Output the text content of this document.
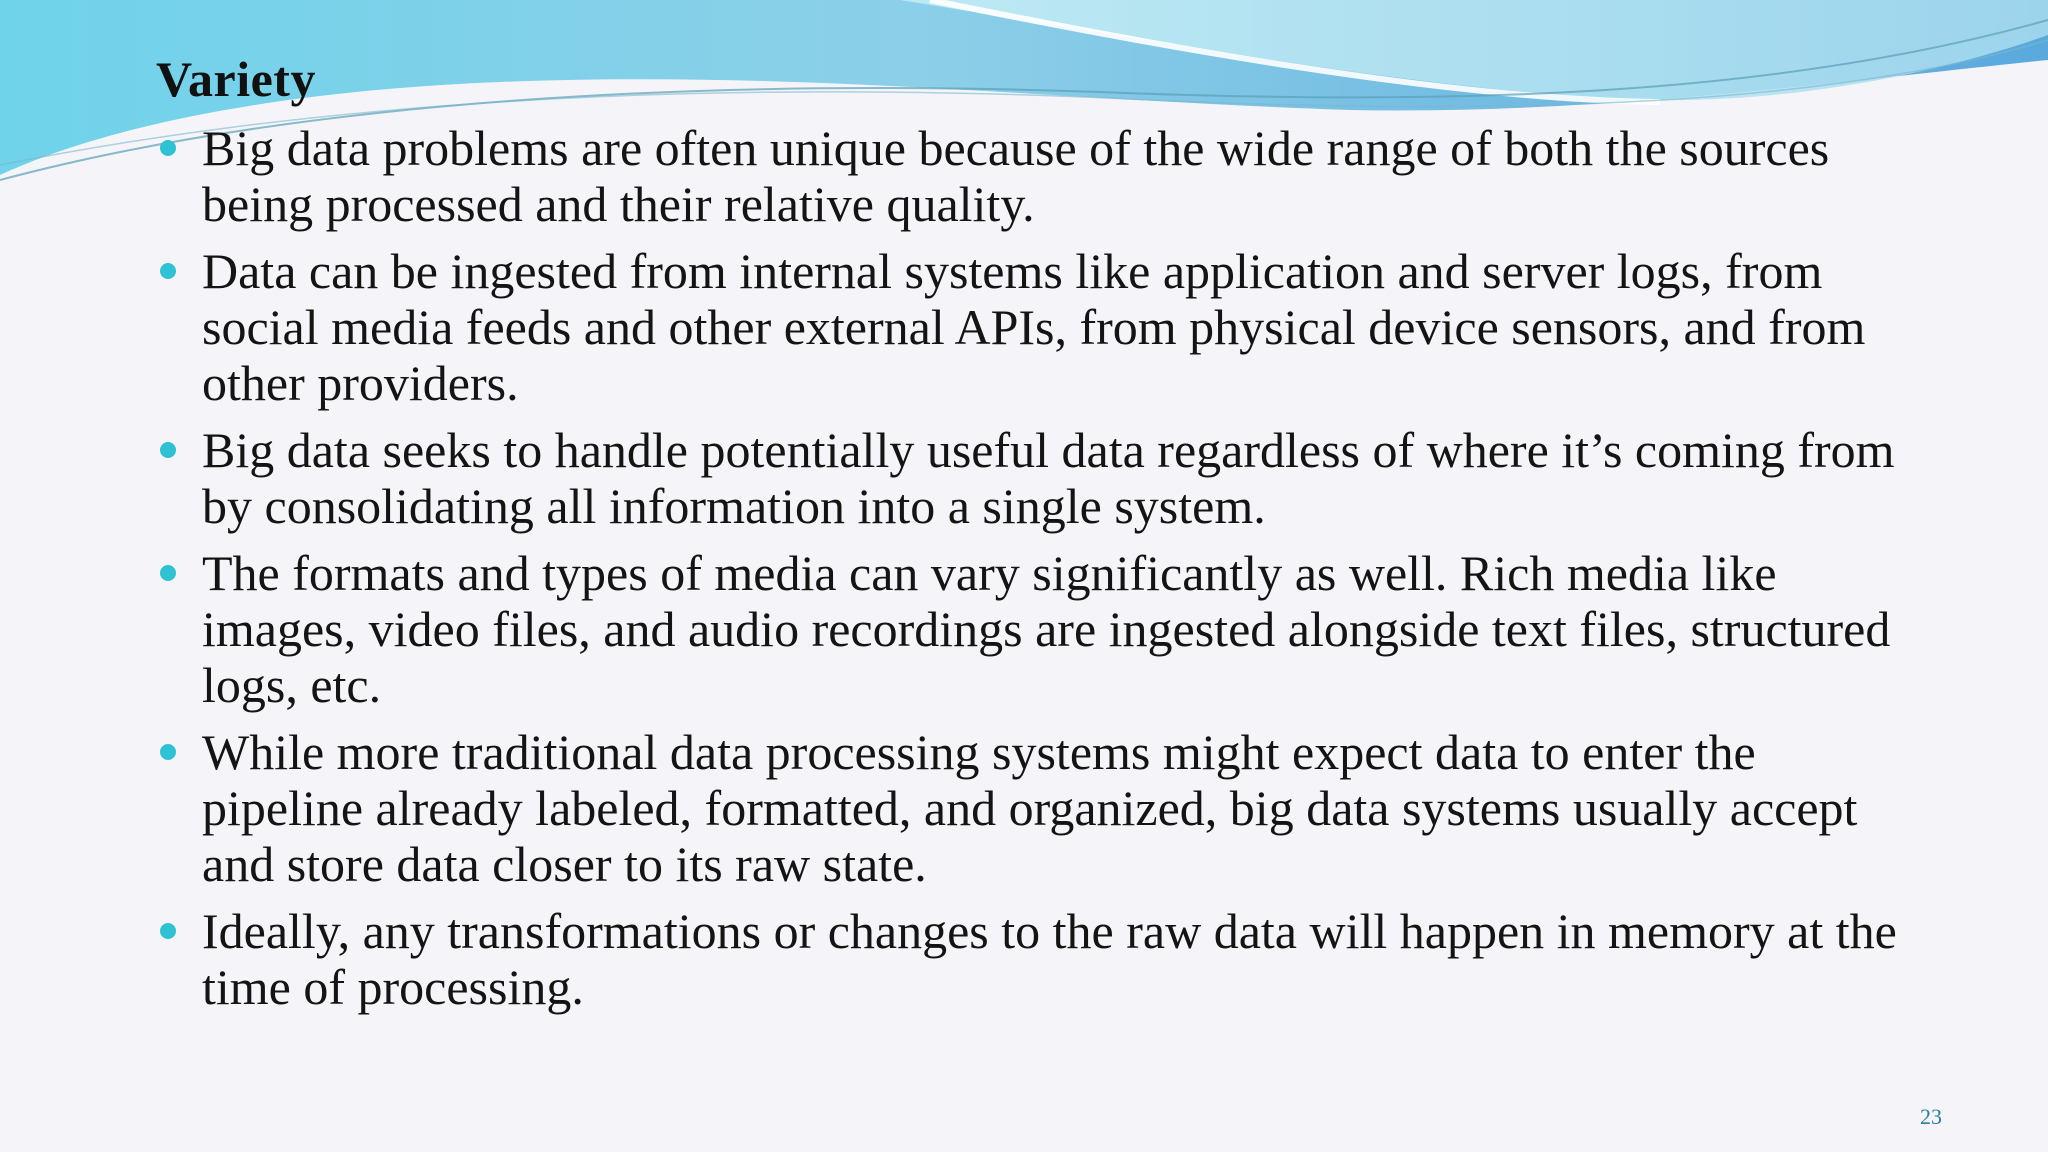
Variety
Big data problems are often unique because of the wide range of both the sources being processed and their relative quality.
Data can be ingested from internal systems like application and server logs, from social media feeds and other external APIs, from physical device sensors, and from other providers.
Big data seeks to handle potentially useful data regardless of where it’s coming from by consolidating all information into a single system.
The formats and types of media can vary significantly as well. Rich media like images, video files, and audio recordings are ingested alongside text files, structured logs, etc.
While more traditional data processing systems might expect data to enter the pipeline already labeled, formatted, and organized, big data systems usually accept and store data closer to its raw state.
Ideally, any transformations or changes to the raw data will happen in memory at the time of processing.
23
